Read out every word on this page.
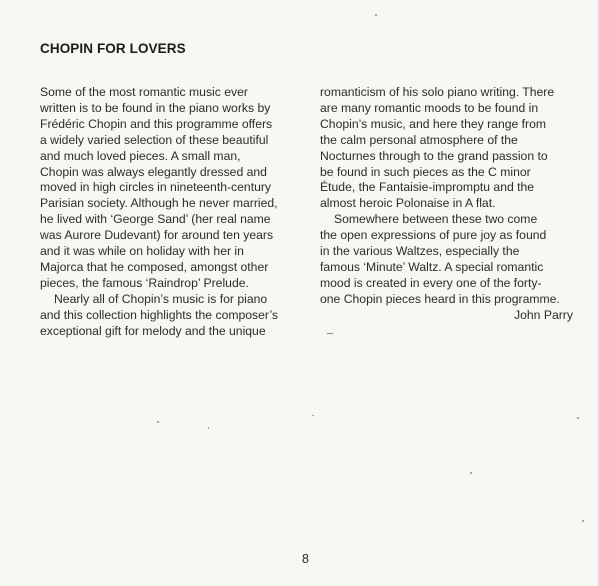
CHOPIN FOR LOVERS

Some of the most romantic music ever

written is to be found in the piano works by

Frédéric Chopin and this programme offers

a widely varied selection of these beautiful

and much loved pieces. A small man,

Chopin was always elegantly dressed and

moved in high circles in nineteenth-century

Parisian society. Although he never married,

he lived with ‘George Sand’ (her real name

was Aurore Dudevant) for around ten years

and it was while on holiday with her in

Majorca that he composed, amongst other

pieces, the famous ‘Raindrop’ Prelude.

Nearly all of Chopin’s music is for piano

and this collection highlights the composer’s

exceptional gift for melody and the unique

romanticism of his solo piano writing. There

are many romantic moods to be found in

Chopin’s music, and here they range from

the calm personal atmosphere of the

Nocturnes through to the grand passion to

be found in such pieces as the C minor

Étude, the Fantaisie-impromptu and the

almost heroic Polonaise in A flat.

Somewhere between these two come

the open expressions of pure joy as found

in the various Waltzes, especially the

famous ‘Minute’ Waltz. A special romantic

mood is created in every one of the forty-

one Chopin pieces heard in this programme.

John Parry
8
